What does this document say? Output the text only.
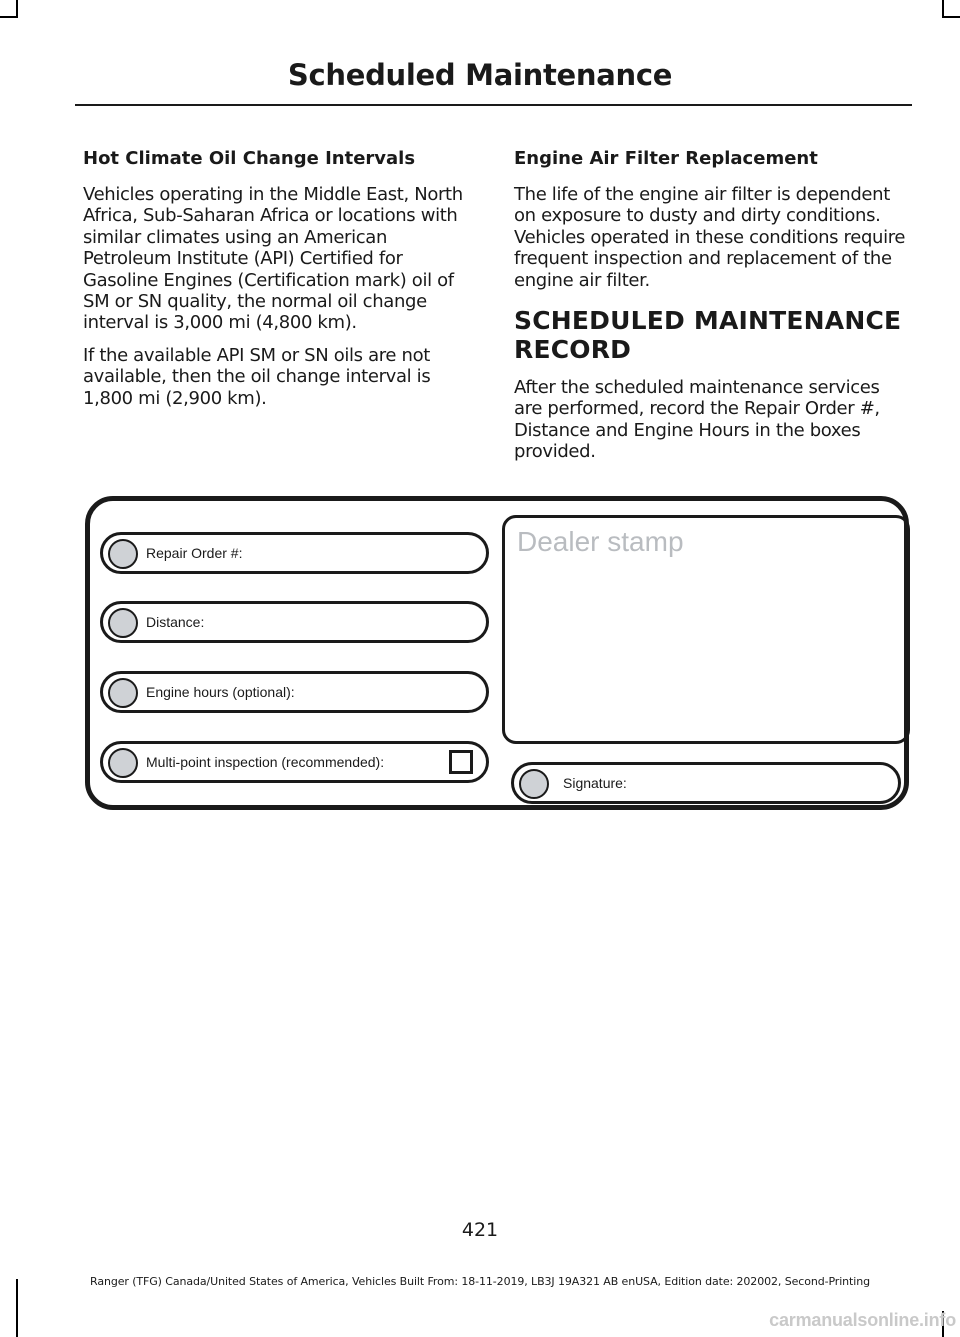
Scheduled Maintenance
Hot Climate Oil Change Intervals

Vehicles operating in the Middle East, North Africa, Sub-Saharan Africa or locations with similar climates using an American Petroleum Institute (API) Certified for Gasoline Engines (Certification mark) oil of SM or SN quality, the normal oil change interval is 3,000 mi (4,800 km).

If the available API SM or SN oils are not available, then the oil change interval is 1,800 mi (2,900 km).

Engine Air Filter Replacement

The life of the engine air filter is dependent on exposure to dusty and dirty conditions. Vehicles operated in these conditions require frequent inspection and replacement of the engine air filter.

SCHEDULED MAINTENANCE
RECORD

After the scheduled maintenance services are performed, record the Repair Order #, Distance and Engine Hours in the boxes provided.

Repair Order #:
Distance:
Engine hours (optional):
Multi-point inspection (recommended):
Dealer stamp
Signature:
421
Ranger (TFG) Canada/United States of America, Vehicles Built From: 18-11-2019, LB3J 19A321 AB enUSA, Edition date: 202002, Second-Printing
carmanualsonline.info
